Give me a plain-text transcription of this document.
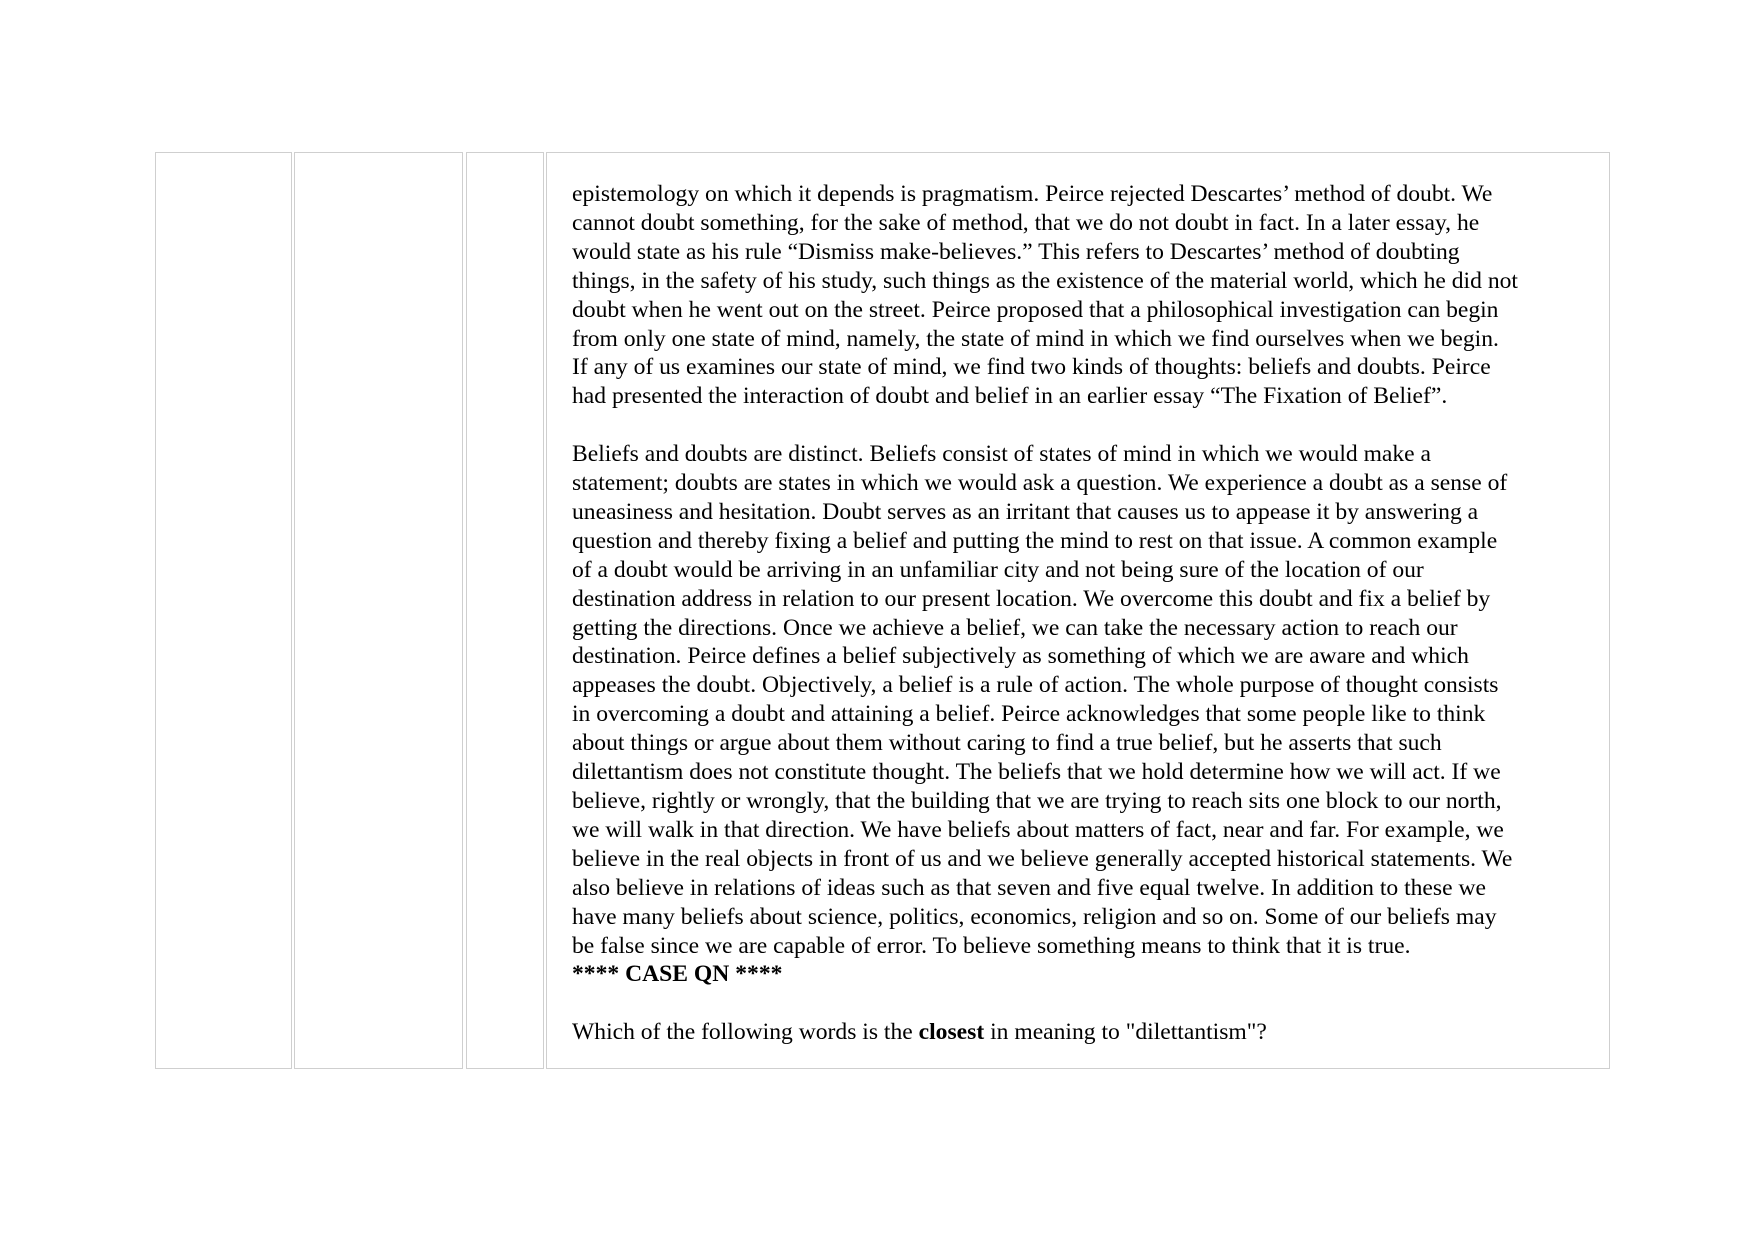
epistemology on which it depends is pragmatism. Peirce rejected Descartes’ method of doubt. We
cannot doubt something, for the sake of method, that we do not doubt in fact. In a later essay, he
would state as his rule “Dismiss make-believes.” This refers to Descartes’ method of doubting
things, in the safety of his study, such things as the existence of the material world, which he did not
doubt when he went out on the street. Peirce proposed that a philosophical investigation can begin
from only one state of mind, namely, the state of mind in which we find ourselves when we begin.
If any of us examines our state of mind, we find two kinds of thoughts: beliefs and doubts. Peirce
had presented the interaction of doubt and belief in an earlier essay “The Fixation of Belief”.
Beliefs and doubts are distinct. Beliefs consist of states of mind in which we would make a
statement; doubts are states in which we would ask a question. We experience a doubt as a sense of
uneasiness and hesitation. Doubt serves as an irritant that causes us to appease it by answering a
question and thereby fixing a belief and putting the mind to rest on that issue. A common example
of a doubt would be arriving in an unfamiliar city and not being sure of the location of our
destination address in relation to our present location. We overcome this doubt and fix a belief by
getting the directions. Once we achieve a belief, we can take the necessary action to reach our
destination. Peirce defines a belief subjectively as something of which we are aware and which
appeases the doubt. Objectively, a belief is a rule of action. The whole purpose of thought consists
in overcoming a doubt and attaining a belief. Peirce acknowledges that some people like to think
about things or argue about them without caring to find a true belief, but he asserts that such
dilettantism does not constitute thought. The beliefs that we hold determine how we will act. If we
believe, rightly or wrongly, that the building that we are trying to reach sits one block to our north,
we will walk in that direction. We have beliefs about matters of fact, near and far. For example, we
believe in the real objects in front of us and we believe generally accepted historical statements. We
also believe in relations of ideas such as that seven and five equal twelve. In addition to these we
have many beliefs about science, politics, economics, religion and so on. Some of our beliefs may
be false since we are capable of error. To believe something means to think that it is true.
**** CASE QN ****
Which of the following words is the closest in meaning to "dilettantism"?
